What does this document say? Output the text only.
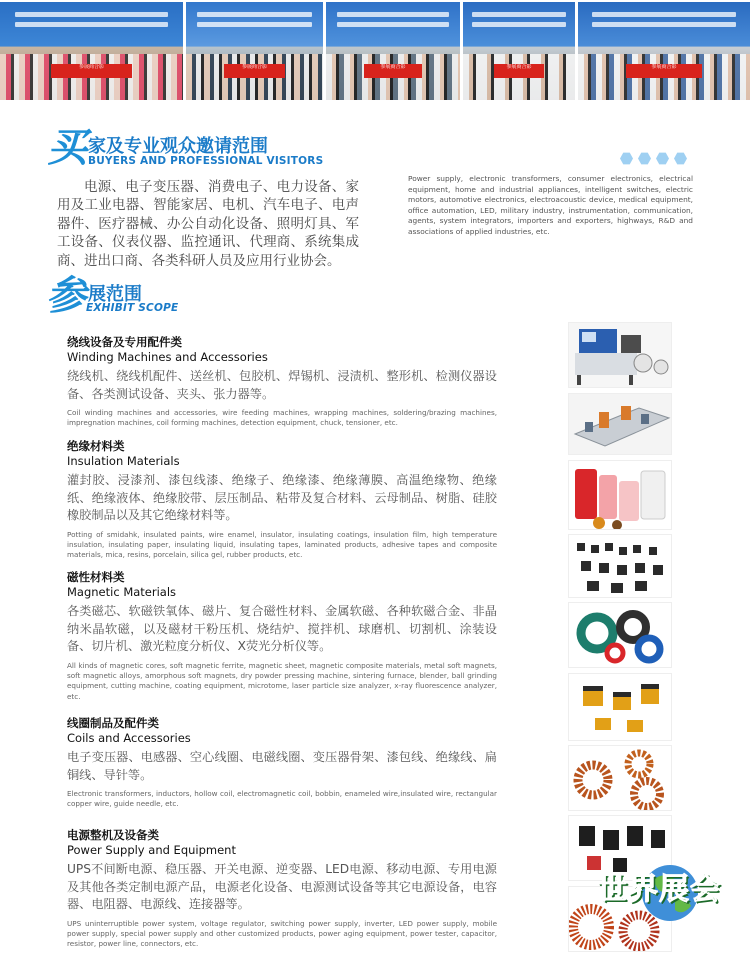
参展商合影	参展商合影	参展商合影	参展商合影	参展商合影
买 家及专业观众邀请范围
BUYERS AND PROFESSIONAL VISITORS
电源、电子变压器、消费电子、电力设备、家用及工业电器、智能家居、电机、汽车电子、电声器件、医疗器械、办公自动化设备、照明灯具、军工设备、仪表仪器、监控通讯、代理商、系统集成商、进出口商、各类科研人员及应用行业协会。
Power supply, electronic transformers, consumer electronics, electrical equipment, home and industrial appliances, intelligent switches, electric motors, automotive electronics, electroacoustic device, medical equipment, office automation, LED, military industry, instrumentation, communication, agents, system integrators, importers and exporters, highways, R&D and associations of applied industries, etc.
参 展范围
EXHIBIT SCOPE
绕线设备及专用配件类
Winding Machines and Accessories
绕线机、绕线机配件、送丝机、包胶机、焊锡机、浸渍机、整形机、检测仪器设备、各类测试设备、夹头、张力器等。
Coil winding machines and accessories, wire feeding machines, wrapping machines, soldering/brazing machines, impregnation machines, coil forming machines, detection equipment, chuck, tensioner, etc.
绝缘材料类
Insulation Materials
灌封胶、浸漆剂、漆包线漆、绝缘子、绝缘漆、绝缘薄膜、高温绝缘物、绝缘纸、绝缘液体、绝缘胶带、层压制品、粘带及复合材料、云母制品、树脂、硅胶橡胶制品以及其它绝缘材料等。
Potting of smidahk, insulated paints, wire enamel, insulator, insulating coatings, insulation film, high temperature insulation, insulating paper, insulating liquid, insulating tapes, laminated products, adhesive tapes and composite materials, mica, resins, porcelain, silica gel, rubber products, etc.
磁性材料类
Magnetic Materials
各类磁芯、软磁铁氧体、磁片、复合磁性材料、金属软磁、各种软磁合金、非晶纳米晶软磁，以及磁材干粉压机、烧结炉、搅拌机、球磨机、切割机、涂装设备、切片机、激光粒度分析仪、X荧光分析仪等。
All kinds of magnetic cores, soft magnetic ferrite, magnetic sheet, magnetic composite materials, metal soft magnets, soft magnetic alloys, amorphous soft magnets, dry powder pressing machine, sintering furnace, blender, ball grinding equipment, cutting machine, coating equipment, microtome, laser particle size analyzer, x-ray fluorescence analyzer, etc.
线圈制品及配件类
Coils and Accessories
电子变压器、电感器、空心线圈、电磁线圈、变压器骨架、漆包线、绝缘线、扁铜线、导针等。
Electronic transformers, inductors, hollow coil, electromagnetic coil, bobbin, enameled wire,insulated wire, rectangular copper wire, guide needle, etc.
电源整机及设备类
Power Supply and Equipment
UPS不间断电源、稳压器、开关电源、逆变器、LED电源、移动电源、专用电源及其他各类定制电源产品，电源老化设备、电源测试设备等其它电源设备，电容器、电阻器、电源线、连接器等。
UPS uninterruptible power system, voltage regulator, switching power supply, inverter, LED power supply, mobile power supply, special power supply and other customized products, power aging equipment, power tester, capacitor, resistor, power line, connectors, etc.
世界展会
